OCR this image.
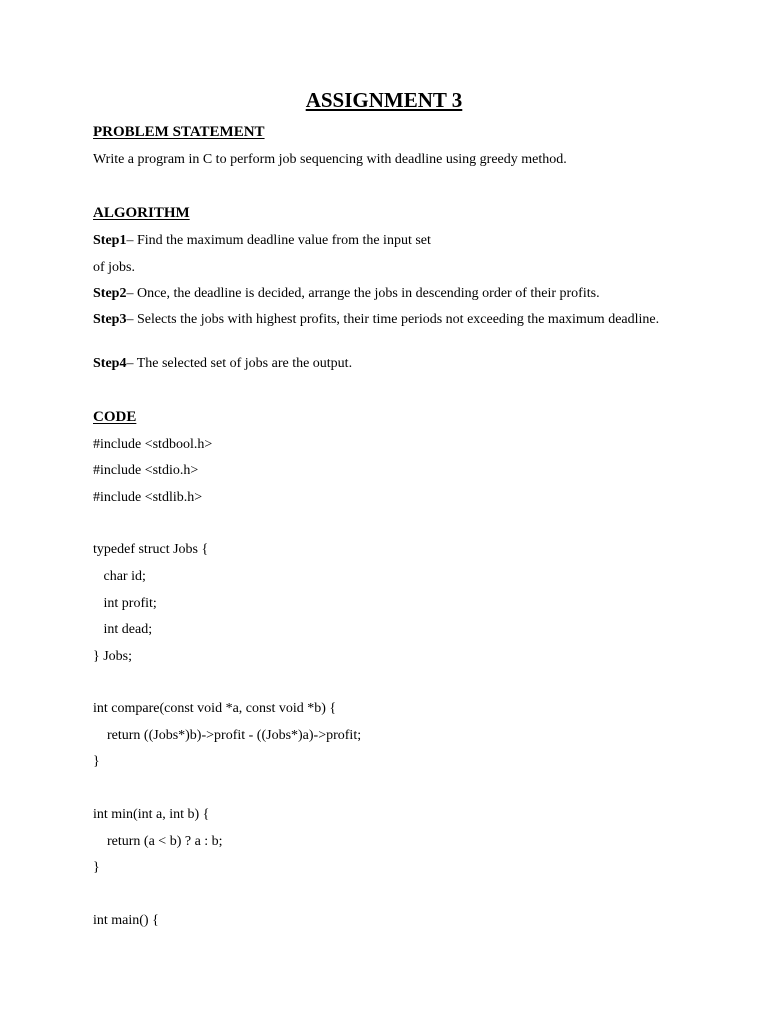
ASSIGNMENT 3
PROBLEM STATEMENT
Write a program in C to perform job sequencing with deadline using greedy method.
ALGORITHM
Step1– Find the maximum deadline value from the input set
of jobs.
Step2– Once, the deadline is decided, arrange the jobs in descending order of their profits.
Step3– Selects the jobs with highest profits, their time periods not exceeding the maximum deadline.
Step4– The selected set of jobs are the output.
CODE
#include <stdbool.h>
#include <stdio.h>
#include <stdlib.h>
typedef struct Jobs {
char id;
int profit;
int dead;
} Jobs;
int compare(const void *a, const void *b) {
return ((Jobs*)b)->profit - ((Jobs*)a)->profit;
}
int min(int a, int b) {
return (a < b) ? a : b;
}
int main() {
